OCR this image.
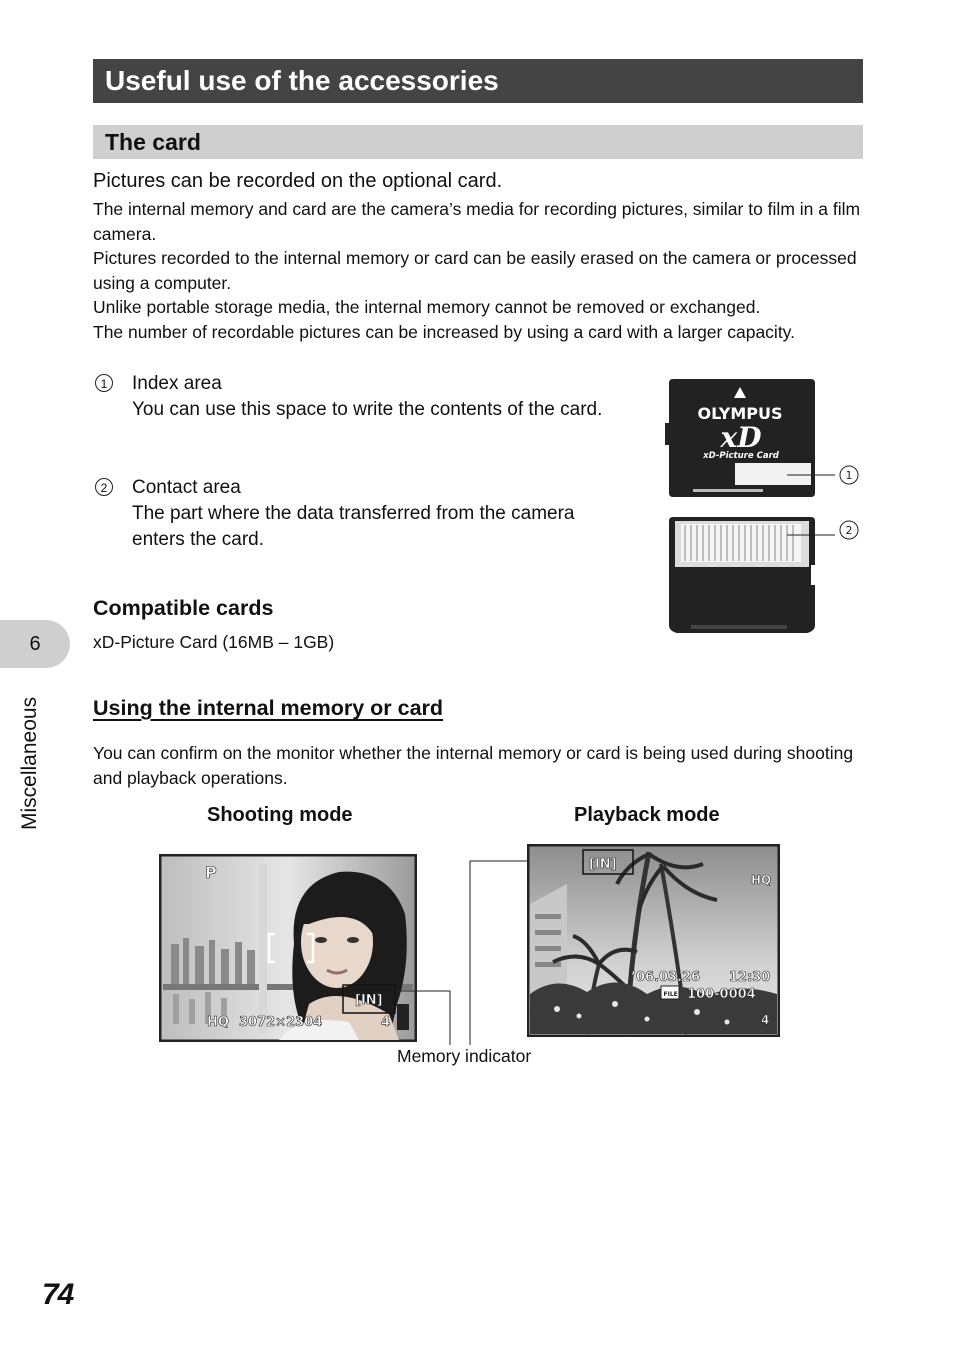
Useful use of the accessories
The card
Pictures can be recorded on the optional card.
The internal memory and card are the camera’s media for recording pictures, similar to film in a film camera.
Pictures recorded to the internal memory or card can be easily erased on the camera or processed using a computer.
Unlike portable storage media, the internal memory cannot be removed or exchanged.
The number of recordable pictures can be increased by using a card with a larger capacity.
1 Index area
You can use this space to write the contents of the card.
2 Contact area
The part where the data transferred from the camera
enters the card.
OLYMPUS
xD
xD-Picture Card
1
2
Compatible cards
xD-Picture Card (16MB – 1GB)
Using the internal memory or card
You can confirm on the monitor whether the internal memory or card is being used during shooting and playback operations.
Shooting mode	Playback mode
P
[IN]
HQ 3072×2304	4
[IN]
HQ
’06.03.26 12:30
FILE 100-0004
4
Memory indicator
6
Miscellaneous
74
